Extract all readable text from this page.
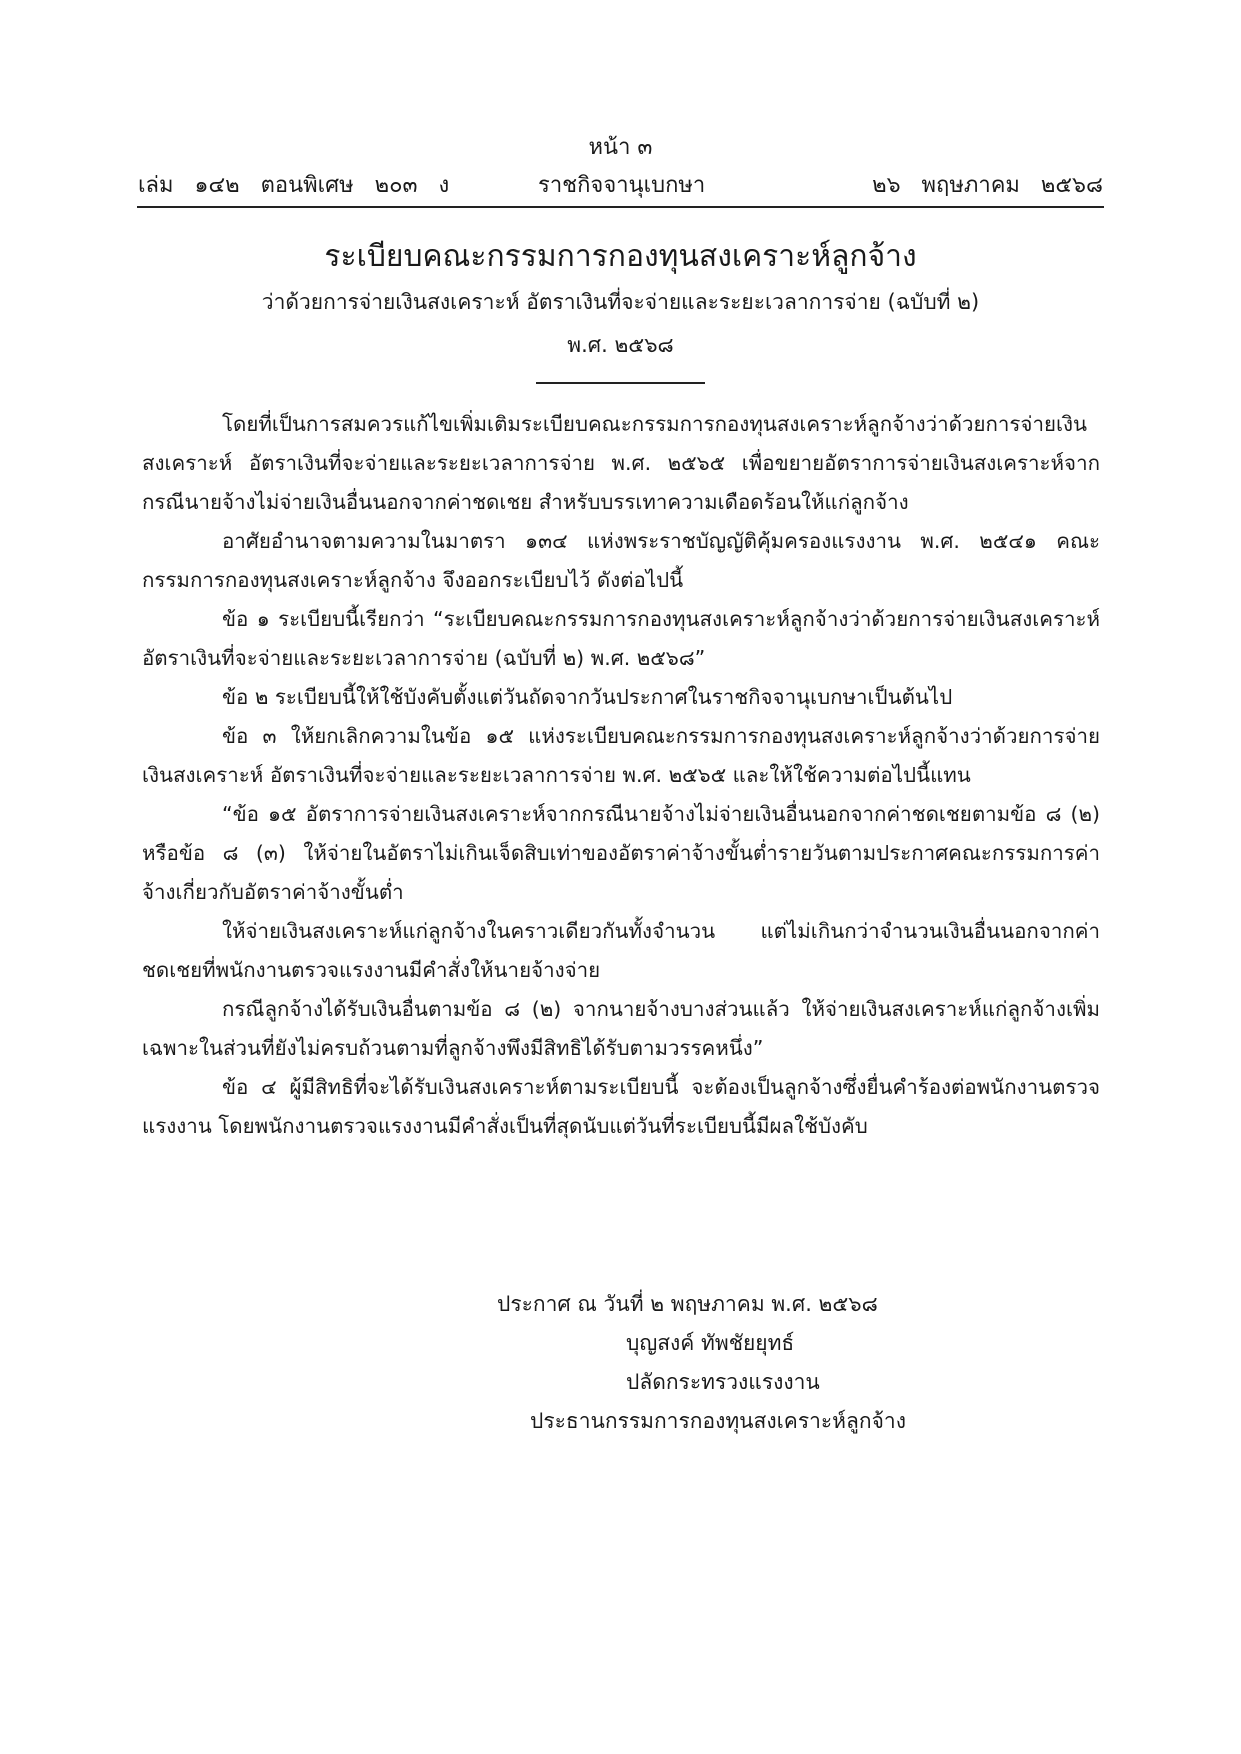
หน้า ๓
เล่ม   ๑๔๒   ตอนพิเศษ   ๒๐๓   ง	ราชกิจจานุเบกษา	๒๖   พฤษภาคม   ๒๕๖๘
ระเบียบคณะกรรมการกองทุนสงเคราะห์ลูกจ้าง
ว่าด้วยการจ่ายเงินสงเคราะห์ อัตราเงินที่จะจ่ายและระยะเวลาการจ่าย (ฉบับที่ ๒)
พ.ศ. ๒๕๖๘

โดยที่เป็นการสมควรแก้ไขเพิ่มเติมระเบียบคณะกรรมการกองทุนสงเคราะห์ลูกจ้างว่าด้วยการจ่ายเงินสงเคราะห์ อัตราเงินที่จะจ่ายและระยะเวลาการจ่าย พ.ศ. ๒๕๖๕ เพื่อขยายอัตราการจ่ายเงินสงเคราะห์จากกรณีนายจ้างไม่จ่ายเงินอื่นนอกจากค่าชดเชย สำหรับบรรเทาความเดือดร้อนให้แก่ลูกจ้าง

อาศัยอำนาจตามความในมาตรา ๑๓๔ แห่งพระราชบัญญัติคุ้มครองแรงงาน พ.ศ. ๒๕๔๑ คณะกรรมการกองทุนสงเคราะห์ลูกจ้าง จึงออกระเบียบไว้ ดังต่อไปนี้

ข้อ ๑ ระเบียบนี้เรียกว่า “ระเบียบคณะกรรมการกองทุนสงเคราะห์ลูกจ้างว่าด้วยการจ่ายเงินสงเคราะห์ อัตราเงินที่จะจ่ายและระยะเวลาการจ่าย (ฉบับที่ ๒) พ.ศ. ๒๕๖๘”

ข้อ ๒ ระเบียบนี้ให้ใช้บังคับตั้งแต่วันถัดจากวันประกาศในราชกิจจานุเบกษาเป็นต้นไป

ข้อ ๓ ให้ยกเลิกความในข้อ ๑๕ แห่งระเบียบคณะกรรมการกองทุนสงเคราะห์ลูกจ้างว่าด้วยการจ่ายเงินสงเคราะห์ อัตราเงินที่จะจ่ายและระยะเวลาการจ่าย พ.ศ. ๒๕๖๕ และให้ใช้ความต่อไปนี้แทน

“ข้อ ๑๕ อัตราการจ่ายเงินสงเคราะห์จากกรณีนายจ้างไม่จ่ายเงินอื่นนอกจากค่าชดเชยตามข้อ ๘ (๒) หรือข้อ ๘ (๓) ให้จ่ายในอัตราไม่เกินเจ็ดสิบเท่าของอัตราค่าจ้างขั้นต่ำรายวันตามประกาศคณะกรรมการค่าจ้างเกี่ยวกับอัตราค่าจ้างขั้นต่ำ

ให้จ่ายเงินสงเคราะห์แก่ลูกจ้างในคราวเดียวกันทั้งจำนวน แต่ไม่เกินกว่าจำนวนเงินอื่นนอกจากค่าชดเชยที่พนักงานตรวจแรงงานมีคำสั่งให้นายจ้างจ่าย

กรณีลูกจ้างได้รับเงินอื่นตามข้อ ๘ (๒) จากนายจ้างบางส่วนแล้ว ให้จ่ายเงินสงเคราะห์แก่ลูกจ้างเพิ่มเฉพาะในส่วนที่ยังไม่ครบถ้วนตามที่ลูกจ้างพึงมีสิทธิได้รับตามวรรคหนึ่ง”

ข้อ ๔ ผู้มีสิทธิที่จะได้รับเงินสงเคราะห์ตามระเบียบนี้ จะต้องเป็นลูกจ้างซึ่งยื่นคำร้องต่อพนักงานตรวจแรงงาน โดยพนักงานตรวจแรงงานมีคำสั่งเป็นที่สุดนับแต่วันที่ระเบียบนี้มีผลใช้บังคับ

ประกาศ ณ วันที่ ๒ พฤษภาคม พ.ศ. ๒๕๖๘
บุญสงค์ ทัพชัยยุทธ์
ปลัดกระทรวงแรงงาน
ประธานกรรมการกองทุนสงเคราะห์ลูกจ้าง
